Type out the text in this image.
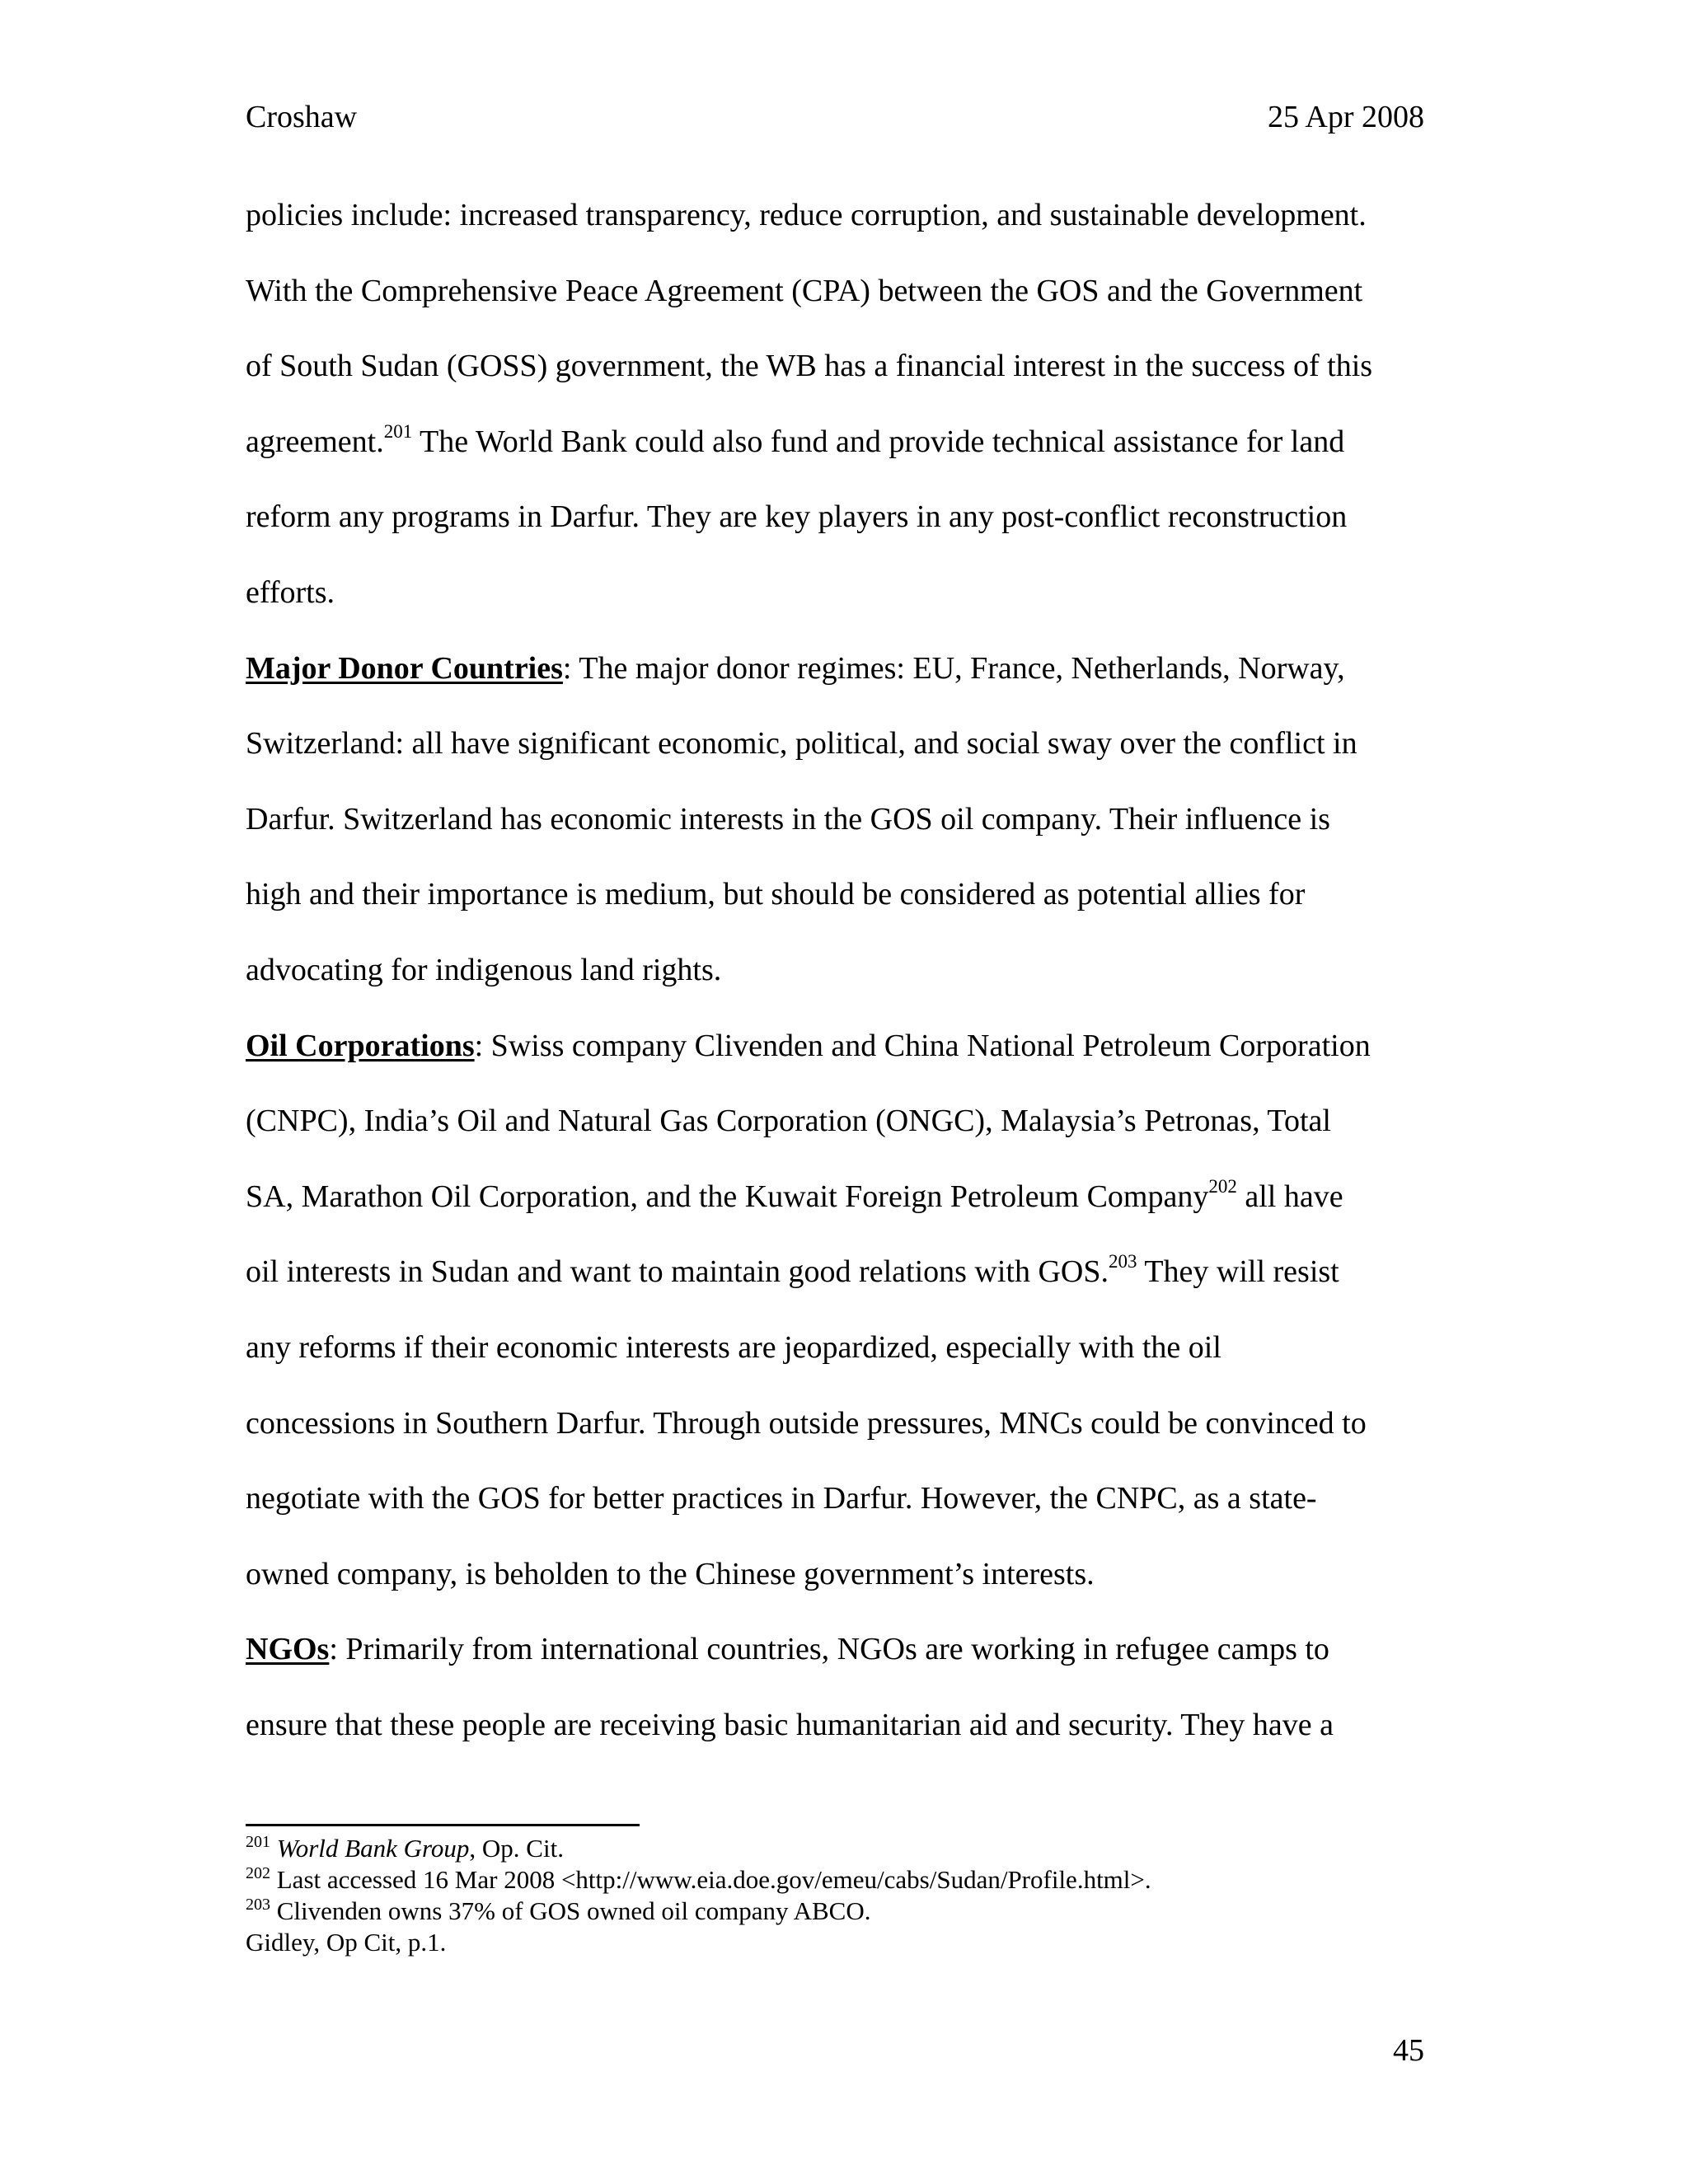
Croshaw	25 Apr 2008
policies include: increased transparency, reduce corruption, and sustainable development.
With the Comprehensive Peace Agreement (CPA) between the GOS and the Government
of South Sudan (GOSS) government, the WB has a financial interest in the success of this
agreement.$^{201}$ The World Bank could also fund and provide technical assistance for land
reform any programs in Darfur. They are key players in any post-conflict reconstruction
efforts.
Major Donor Countries: The major donor regimes: EU, France, Netherlands, Norway,
Switzerland: all have significant economic, political, and social sway over the conflict in
Darfur. Switzerland has economic interests in the GOS oil company. Their influence is
high and their importance is medium, but should be considered as potential allies for
advocating for indigenous land rights.
Oil Corporations: Swiss company Clivenden and China National Petroleum Corporation
(CNPC), India’s Oil and Natural Gas Corporation (ONGC), Malaysia’s Petronas, Total
SA, Marathon Oil Corporation, and the Kuwait Foreign Petroleum Company$^{202}$ all have
oil interests in Sudan and want to maintain good relations with GOS.$^{203}$ They will resist
any reforms if their economic interests are jeopardized, especially with the oil
concessions in Southern Darfur. Through outside pressures, MNCs could be convinced to
negotiate with the GOS for better practices in Darfur. However, the CNPC, as a state-
owned company, is beholden to the Chinese government’s interests.
NGOs: Primarily from international countries, NGOs are working in refugee camps to
ensure that these people are receiving basic humanitarian aid and security. They have a
$^{201}$ World Bank Group, Op. Cit.
$^{202}$ Last accessed 16 Mar 2008 <http://www.eia.doe.gov/emeu/cabs/Sudan/Profile.html>.
$^{203}$ Clivenden owns 37% of GOS owned oil company ABCO.
Gidley, Op Cit, p.1.
45
